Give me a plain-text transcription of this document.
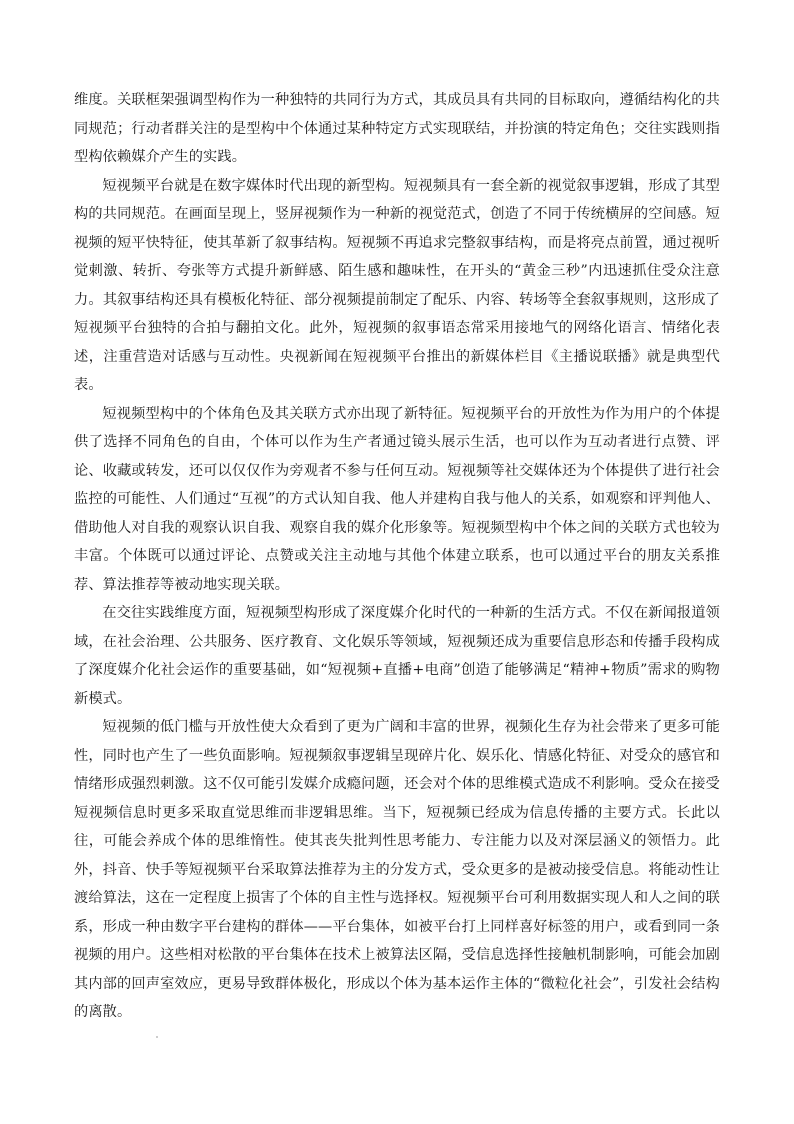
维度。关联框架强调型构作为一种独特的共同行为方式，其成员具有共同的目标取向，遵循结构化的共同规范；行动者群关注的是型构中个体通过某种特定方式实现联结，并扮演的特定角色；交往实践则指型构依赖媒介产生的实践。

短视频平台就是在数字媒体时代出现的新型构。短视频具有一套全新的视觉叙事逻辑，形成了其型构的共同规范。在画面呈现上，竖屏视频作为一种新的视觉范式，创造了不同于传统横屏的空间感。短视频的短平快特征，使其革新了叙事结构。短视频不再追求完整叙事结构，而是将亮点前置，通过视听觉刺激、转折、夸张等方式提升新鲜感、陌生感和趣味性，在开头的“黄金三秒”内迅速抓住受众注意力。其叙事结构还具有模板化特征、部分视频提前制定了配乐、内容、转场等全套叙事规则，这形成了短视频平台独特的合拍与翻拍文化。此外，短视频的叙事语态常采用接地气的网络化语言、情绪化表述，注重营造对话感与互动性。央视新闻在短视频平台推出的新媒体栏目《主播说联播》就是典型代表。

短视频型构中的个体角色及其关联方式亦出现了新特征。短视频平台的开放性为作为用户的个体提供了选择不同角色的自由，个体可以作为生产者通过镜头展示生活，也可以作为互动者进行点赞、评论、收藏或转发，还可以仅仅作为旁观者不参与任何互动。短视频等社交媒体还为个体提供了进行社会监控的可能性、人们通过“互视”的方式认知自我、他人并建构自我与他人的关系，如观察和评判他人、借助他人对自我的观察认识自我、观察自我的媒介化形象等。短视频型构中个体之间的关联方式也较为丰富。个体既可以通过评论、点赞或关注主动地与其他个体建立联系，也可以通过平台的朋友关系推荐、算法推荐等被动地实现关联。

在交往实践维度方面，短视频型构形成了深度媒介化时代的一种新的生活方式。不仅在新闻报道领域，在社会治理、公共服务、医疗教育、文化娱乐等领域，短视频还成为重要信息形态和传播手段构成了深度媒介化社会运作的重要基础，如“短视频+直播+电商”创造了能够满足“精神+物质”需求的购物新模式。

短视频的低门槛与开放性使大众看到了更为广阔和丰富的世界，视频化生存为社会带来了更多可能性，同时也产生了一些负面影响。短视频叙事逻辑呈现碎片化、娱乐化、情感化特征、对受众的感官和情绪形成强烈刺激。这不仅可能引发媒介成瘾问题，还会对个体的思维模式造成不利影响。受众在接受短视频信息时更多采取直觉思维而非逻辑思维。当下，短视频已经成为信息传播的主要方式。长此以往，可能会养成个体的思维惰性。使其丧失批判性思考能力、专注能力以及对深层涵义的领悟力。此外，抖音、快手等短视频平台采取算法推荐为主的分发方式，受众更多的是被动接受信息。将能动性让渡给算法，这在一定程度上损害了个体的自主性与选择权。短视频平台可利用数据实现人和人之间的联系，形成一种由数字平台建构的群体——平台集体，如被平台打上同样喜好标签的用户，或看到同一条视频的用户。这些相对松散的平台集体在技术上被算法区隔，受信息选择性接触机制影响，可能会加剧其内部的回声室效应，更易导致群体极化，形成以个体为基本运作主体的“微粒化社会”，引发社会结构的离散。
